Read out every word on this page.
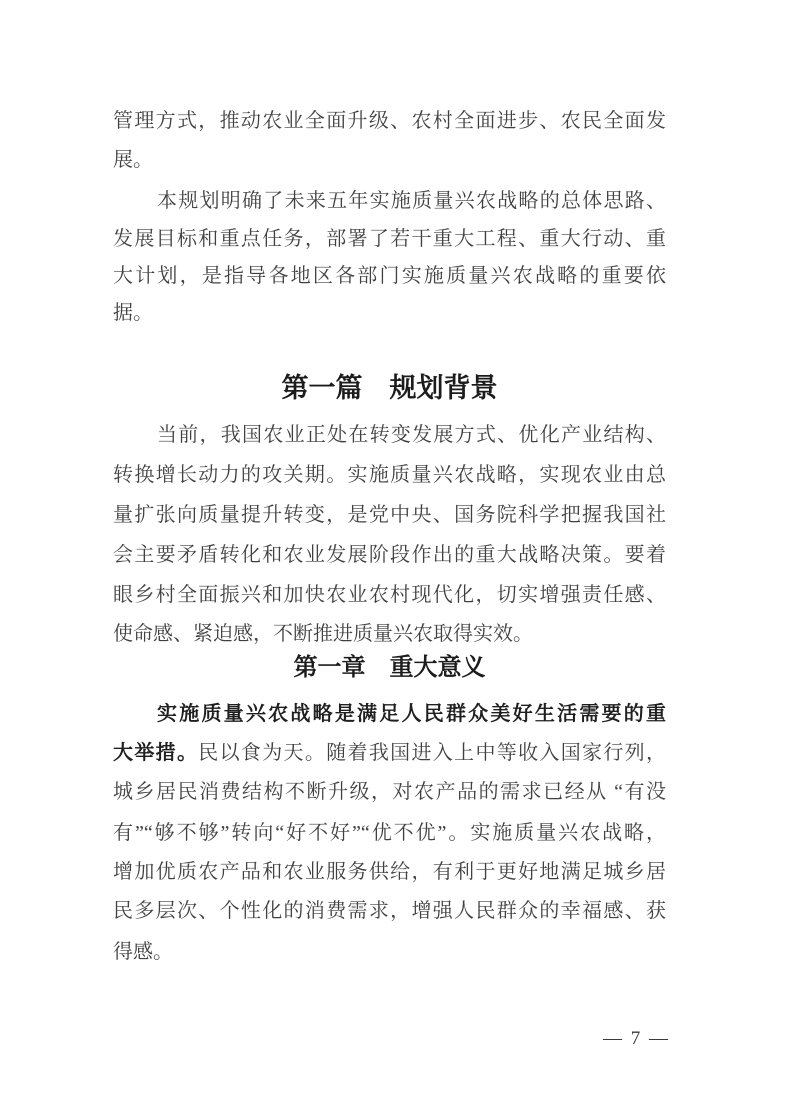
管理方式，推动农业全面升级、农村全面进步、农民全面发
展。
本规划明确了未来五年实施质量兴农战略的总体思路、
发展目标和重点任务，部署了若干重大工程、重大行动、重
大计划，是指导各地区各部门实施质量兴农战略的重要依
据。
第一篇　规划背景
当前，我国农业正处在转变发展方式、优化产业结构、
转换增长动力的攻关期。实施质量兴农战略，实现农业由总
量扩张向质量提升转变，是党中央、国务院科学把握我国社
会主要矛盾转化和农业发展阶段作出的重大战略决策。要着
眼乡村全面振兴和加快农业农村现代化，切实增强责任感、
使命感、紧迫感，不断推进质量兴农取得实效。
第一章　重大意义
实施质量兴农战略是满足人民群众美好生活需要的重
大举措。民以食为天。随着我国进入上中等收入国家行列，
城乡居民消费结构不断升级，对农产品的需求已经从 “有没
有”“够不够”转向“好不好”“优不优”。实施质量兴农战略，
增加优质农产品和农业服务供给，有利于更好地满足城乡居
民多层次、个性化的消费需求，增强人民群众的幸福感、获
得感。
— 7 —
